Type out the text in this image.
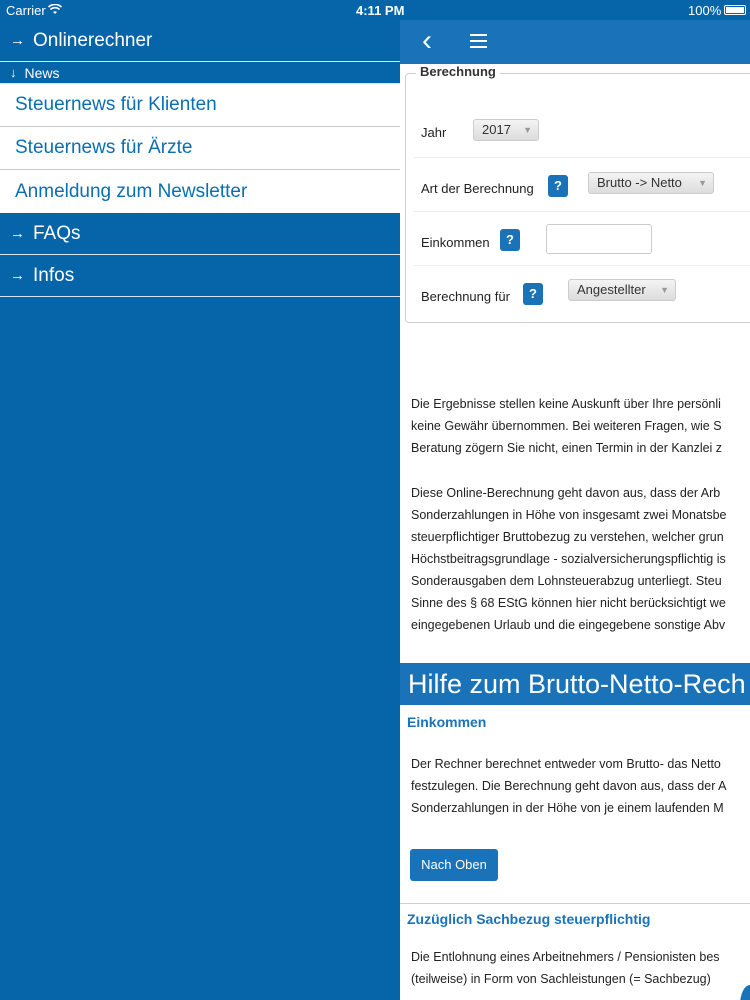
Carrier	4:11 PM	100%
→ Onlinerechner
↓ News
Steuernews für Klienten
Steuernews für Ärzte
Anmeldung zum Newsletter
→ FAQs
→ Infos
‹
Berechnung
Jahr	2017 ▼
Art der Berechnung	?	Brutto -> Netto ▼
Einkommen	?
Berechnung für	?	Angestellter ▼
Die Ergebnisse stellen keine Auskunft über Ihre persönli
keine Gewähr übernommen. Bei weiteren Fragen, wie S
Beratung zögern Sie nicht, einen Termin in der Kanzlei z
Diese Online-Berechnung geht davon aus, dass der Arb
Sonderzahlungen in Höhe von insgesamt zwei Monatsbe
steuerpflichtiger Bruttobezug zu verstehen, welcher grun
Höchstbeitragsgrundlage - sozialversicherungspflichtig is
Sonderausgaben dem Lohnsteuerabzug unterliegt. Steu
Sinne des § 68 EStG können hier nicht berücksichtigt we
eingegebenen Urlaub und die eingegebene sonstige Abv
Hilfe zum Brutto-Netto-Rech
Einkommen
Der Rechner berechnet entweder vom Brutto- das Netto
festzulegen. Die Berechnung geht davon aus, dass der A
Sonderzahlungen in der Höhe von je einem laufenden M
Nach Oben
Zuzüglich Sachbezug steuerpflichtig
Die Entlohnung eines Arbeitnehmers / Pensionisten bes
(teilweise) in Form von Sachleistungen (= Sachbezug)
